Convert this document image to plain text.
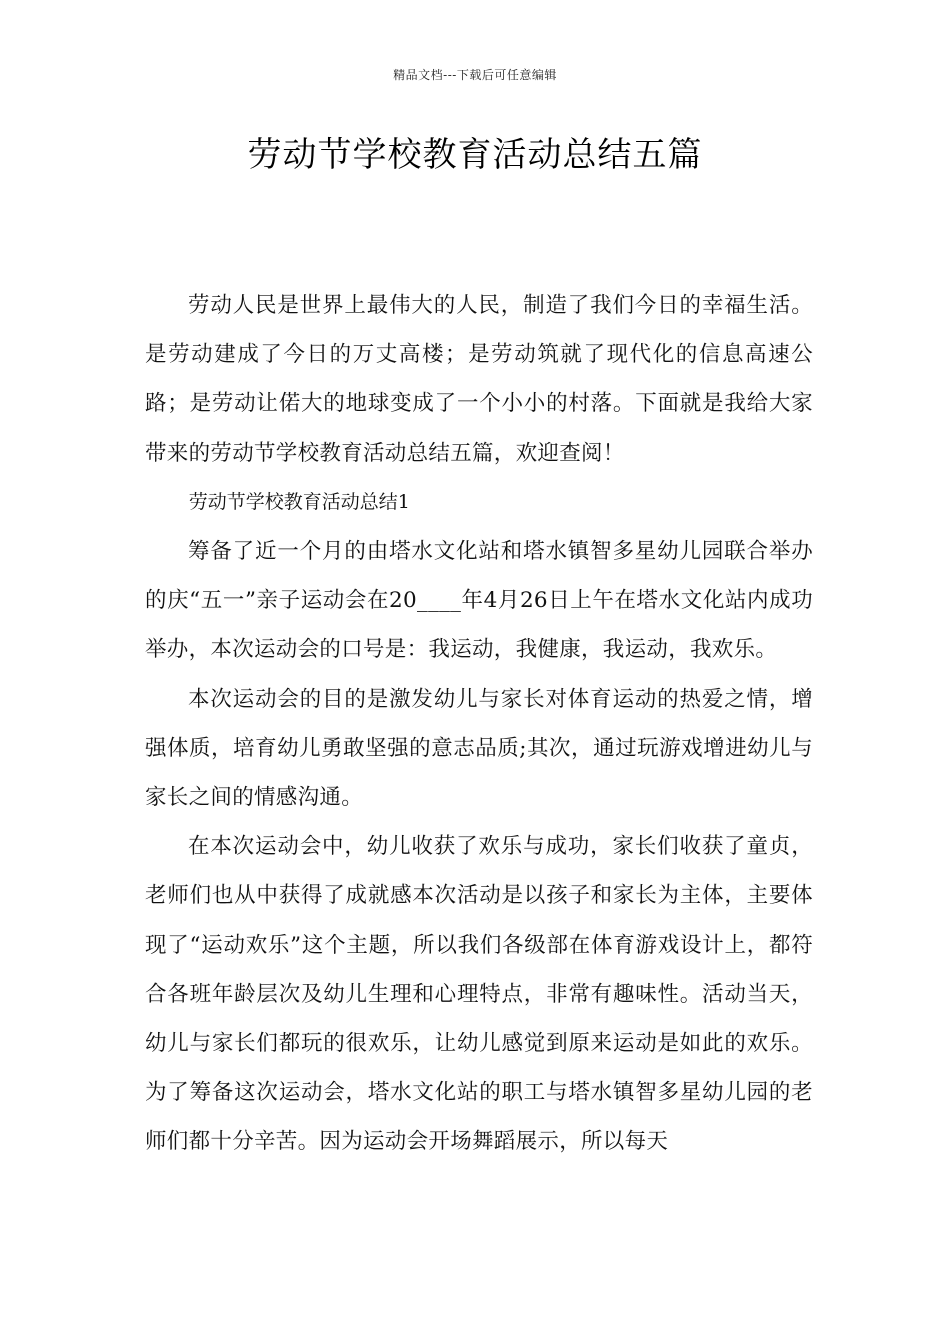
精品文档---下载后可任意编辑
劳动节学校教育活动总结五篇

劳动人民是世界上最伟大的人民，制造了我们今日的幸福生活。是劳动建成了今日的万丈高楼；是劳动筑就了现代化的信息高速公路；是劳动让偌大的地球变成了一个小小的村落。下面就是我给大家带来的劳动节学校教育活动总结五篇，欢迎查阅！

劳动节学校教育活动总结1

筹备了近一个月的由塔水文化站和塔水镇智多星幼儿园联合举办的庆“五一”亲子运动会在20____年4月26日上午在塔水文化站内成功举办，本次运动会的口号是：我运动，我健康，我运动，我欢乐。

本次运动会的目的是激发幼儿与家长对体育运动的热爱之情，增强体质，培育幼儿勇敢坚强的意志品质;其次，通过玩游戏增进幼儿与家长之间的情感沟通。

在本次运动会中，幼儿收获了欢乐与成功，家长们收获了童贞，老师们也从中获得了成就感本次活动是以孩子和家长为主体，主要体现了“运动欢乐”这个主题，所以我们各级部在体育游戏设计上，都符合各班年龄层次及幼儿生理和心理特点，非常有趣味性。活动当天，幼儿与家长们都玩的很欢乐，让幼儿感觉到原来运动是如此的欢乐。为了筹备这次运动会，塔水文化站的职工与塔水镇智多星幼儿园的老师们都十分辛苦。因为运动会开场舞蹈展示，所以每天
